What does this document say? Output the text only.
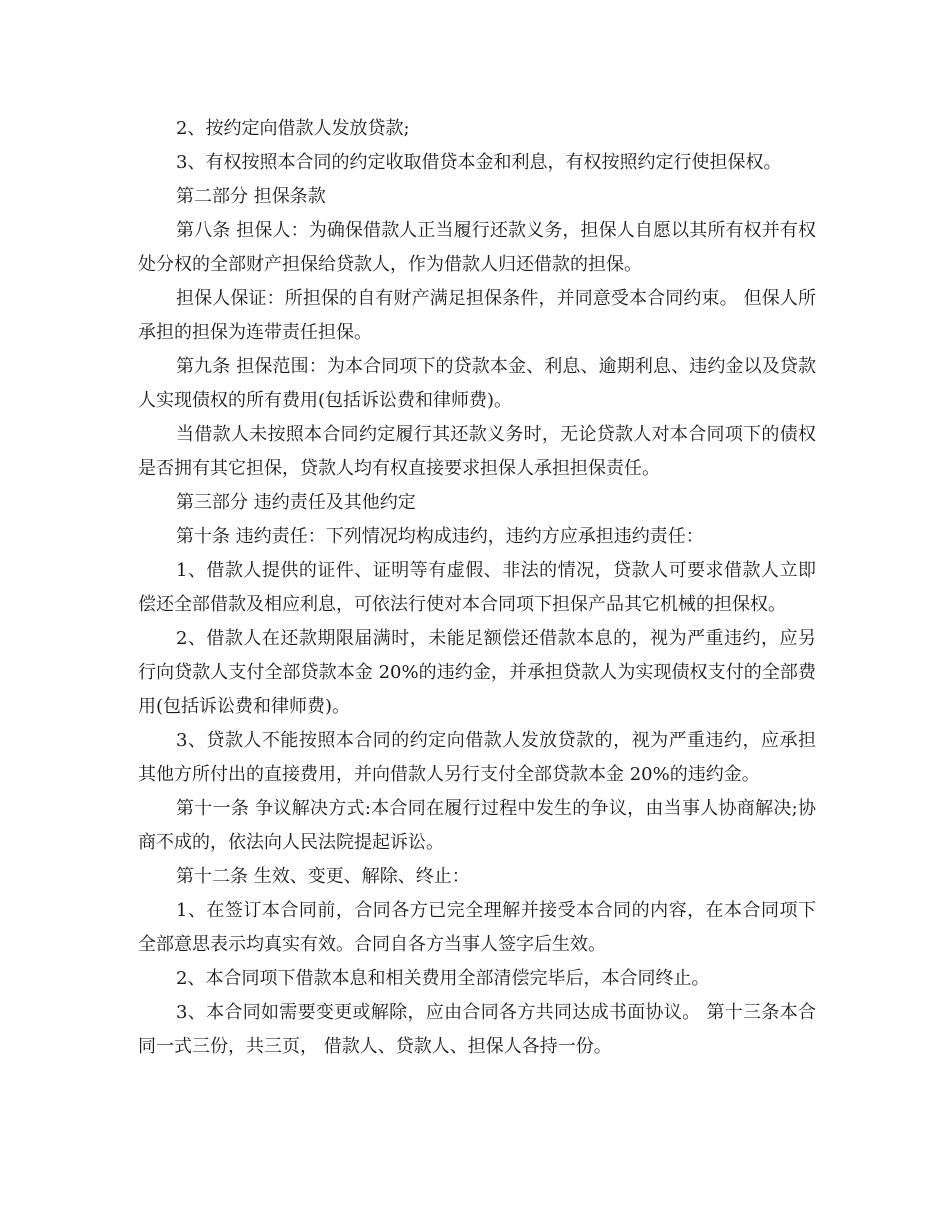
2、按约定向借款人发放贷款;

3、有权按照本合同的约定收取借贷本金和利息，有权按照约定行使担保权。

第二部分 担保条款

第八条 担保人：为确保借款人正当履行还款义务，担保人自愿以其所有权并有权处分权的全部财产担保给贷款人，作为借款人归还借款的担保。

担保人保证：所担保的自有财产满足担保条件，并同意受本合同约束。 但保人所承担的担保为连带责任担保。

第九条 担保范围：为本合同项下的贷款本金、利息、逾期利息、违约金以及贷款人实现债权的所有费用(包括诉讼费和律师费)。

当借款人未按照本合同约定履行其还款义务时，无论贷款人对本合同项下的债权是否拥有其它担保，贷款人均有权直接要求担保人承担担保责任。

第三部分 违约责任及其他约定

第十条 违约责任：下列情况均构成违约，违约方应承担违约责任：

1、借款人提供的证件、证明等有虚假、非法的情况，贷款人可要求借款人立即偿还全部借款及相应利息，可依法行使对本合同项下担保产品其它机械的担保权。

2、借款人在还款期限届满时，未能足额偿还借款本息的，视为严重违约，应另行向贷款人支付全部贷款本金 20%的违约金，并承担贷款人为实现债权支付的全部费用(包括诉讼费和律师费)。

3、贷款人不能按照本合同的约定向借款人发放贷款的，视为严重违约，应承担其他方所付出的直接费用，并向借款人另行支付全部贷款本金 20%的违约金。

第十一条 争议解决方式:本合同在履行过程中发生的争议，由当事人协商解决;协商不成的，依法向人民法院提起诉讼。

第十二条 生效、变更、解除、终止：

1、在签订本合同前，合同各方已完全理解并接受本合同的内容，在本合同项下全部意思表示均真实有效。合同自各方当事人签字后生效。

2、本合同项下借款本息和相关费用全部清偿完毕后，本合同终止。

3、本合同如需要变更或解除，应由合同各方共同达成书面协议。 第十三条本合同一式三份，共三页， 借款人、贷款人、担保人各持一份。
